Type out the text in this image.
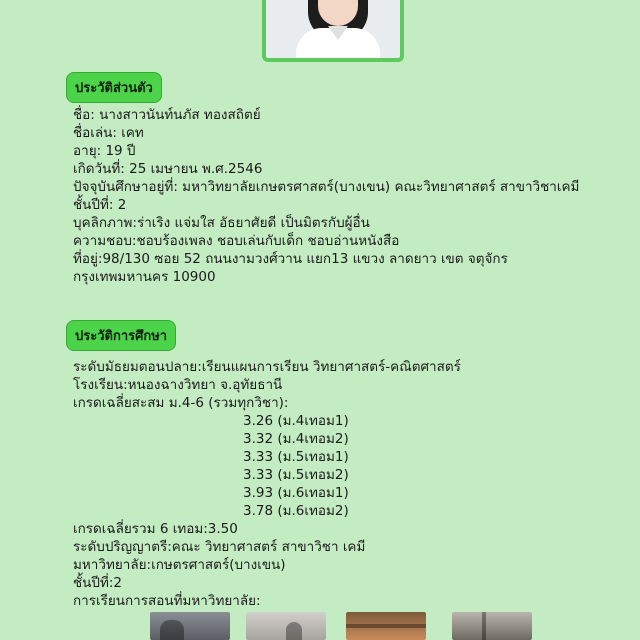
ประวัติส่วนตัว
ชื่อ: นางสาวนันท์นภัส ทองสถิตย์
ชื่อเล่น: เคท
อายุ: 19 ปี
เกิดวันที่: 25 เมษายน พ.ศ.2546
ปัจจุบันศึกษาอยู่ที่: มหาวิทยาลัยเกษตรศาสตร์(บางเขน) คณะวิทยาศาสตร์ สาขาวิชาเคมี
ชั้นปีที่: 2
บุคลิกภาพ:ร่าเริง แจ่มใส อัธยาศัยดี เป็นมิตรกับผู้อื่น
ความชอบ:ชอบร้องเพลง ชอบเล่นกับเด็ก ชอบอ่านหนังสือ
ที่อยู่:98/130 ซอย 52 ถนนงามวงศ์วาน แยก13 แขวง ลาดยาว เขต จตุจักร กรุงเทพมหานคร 10900
ประวัติการศึกษา
ระดับมัธยมตอนปลาย:เรียนแผนการเรียน วิทยาศาสตร์-คณิตศาสตร์
โรงเรียน:หนองฉางวิทยา จ.อุทัยธานี
เกรดเฉลี่ยสะสม ม.4-6 (รวมทุกวิชา):
3.26 (ม.4เทอม1)
3.32 (ม.4เทอม2)
3.33 (ม.5เทอม1)
3.33 (ม.5เทอม2)
3.93 (ม.6เทอม1)
3.78 (ม.6เทอม2)
เกรดเฉลี่ยรวม 6 เทอม:3.50
ระดับปริญญาตรี:คณะ วิทยาศาสตร์ สาขาวิชา เคมี
มหาวิทยาลัย:เกษตรศาสตร์(บางเขน)
ชั้นปีที่:2
การเรียนการสอนที่มหาวิทยาลัย:
